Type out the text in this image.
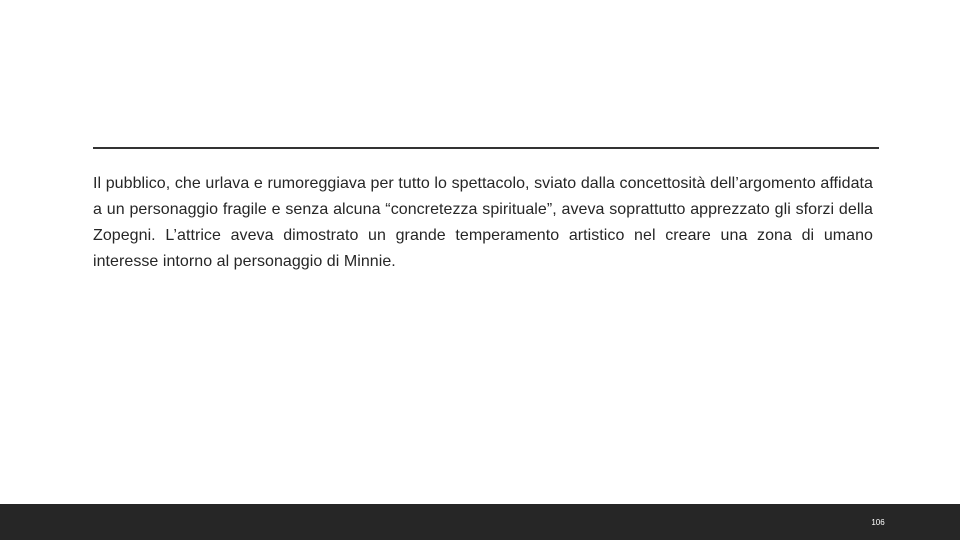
Il pubblico, che urlava e rumoreggiava per tutto lo spettacolo, sviato dalla concettosità dell’argomento affidata a un personaggio fragile e senza alcuna “concretezza spirituale”, aveva soprattutto apprezzato gli sforzi della Zopegni. L’attrice aveva dimostrato un grande temperamento artistico nel creare una zona di umano interesse intorno al personaggio di Minnie.

106
